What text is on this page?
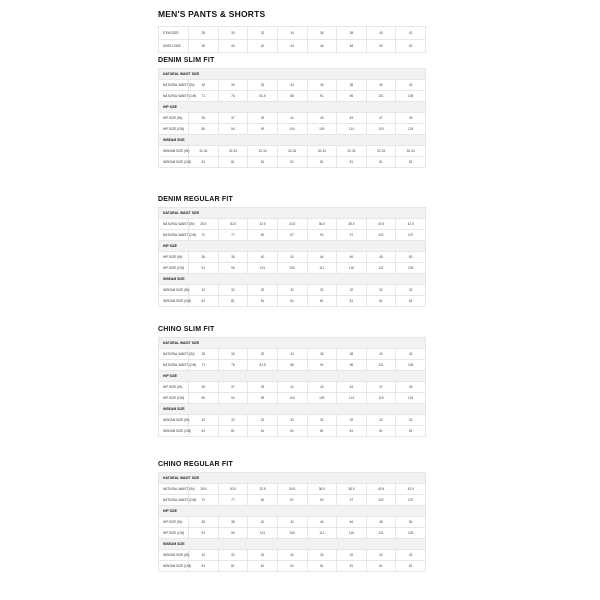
MEN'S PANTS & SHORTS
ITEM SIZE	28	30	32	34	36	38	40	42
US/EU SIZE	38	40	42	44	46	48	50	52
DENIM SLIM FIT
NATURAL WAIST SIZE								
NATURAL WAIST (IN)	28	30	32	34	36	38	40	42
NATURAL WAIST (CM)	71	76	81.5	86	91	96	101	106
HIP SIZE								
HIP SIZE (IN)	35	37	39	41	43	45	47	49
HIP SIZE (CM)	89	94	99	104	109	114	119	124
INSEAM SIZE								
INSEAM SIZE (IN)	32-34	32-34	32-34	32-34	32-34	32-34	32-34	32-34
INSEAM SIZE (CM)	81	81	81	81	81	81	81	81
DENIM REGULAR FIT
NATURAL WAIST SIZE								
NATURAL WAIST (IN)	28.5	30.5	32.5	34.5	36.5	38.5	40.5	42.5
NATURAL WAIST (CM)	72	77	82	87	92	97	102	107
HIP SIZE								
HIP SIZE (IN)	36	38	40	42	44	46	48	50
HIP SIZE (CM)	91	96	101	106	111	116	121	126
INSEAM SIZE								
INSEAM SIZE (IN)	32	32	32	32	32	32	32	32
INSEAM SIZE (CM)	81	81	81	81	81	81	81	81
CHINO SLIM FIT
NATURAL WAIST SIZE								
NATURAL WAIST (IN)	28	30	32	34	36	38	40	42
NATURAL WAIST (CM)	71	76	81.5	86	91	96	101	106
HIP SIZE								
HIP SIZE (IN)	35	37	39	41	43	45	47	49
HIP SIZE (CM)	89	94	99	104	109	114	119	124
INSEAM SIZE								
INSEAM SIZE (IN)	32	32	32	32	32	32	32	32
INSEAM SIZE (CM)	81	81	81	81	81	81	81	81
CHINO REGULAR FIT
NATURAL WAIST SIZE								
NATURAL WAIST (IN)	28.5	30.5	32.5	34.5	36.5	38.5	40.5	42.5
NATURAL WAIST (CM)	72	77	82	87	92	97	102	107
HIP SIZE								
HIP SIZE (IN)	36	38	40	42	44	46	48	50
HIP SIZE (CM)	91	96	101	106	111	116	121	126
INSEAM SIZE								
INSEAM SIZE (IN)	32	32	32	32	32	32	32	32
INSEAM SIZE (CM)	81	81	81	81	81	81	81	81
